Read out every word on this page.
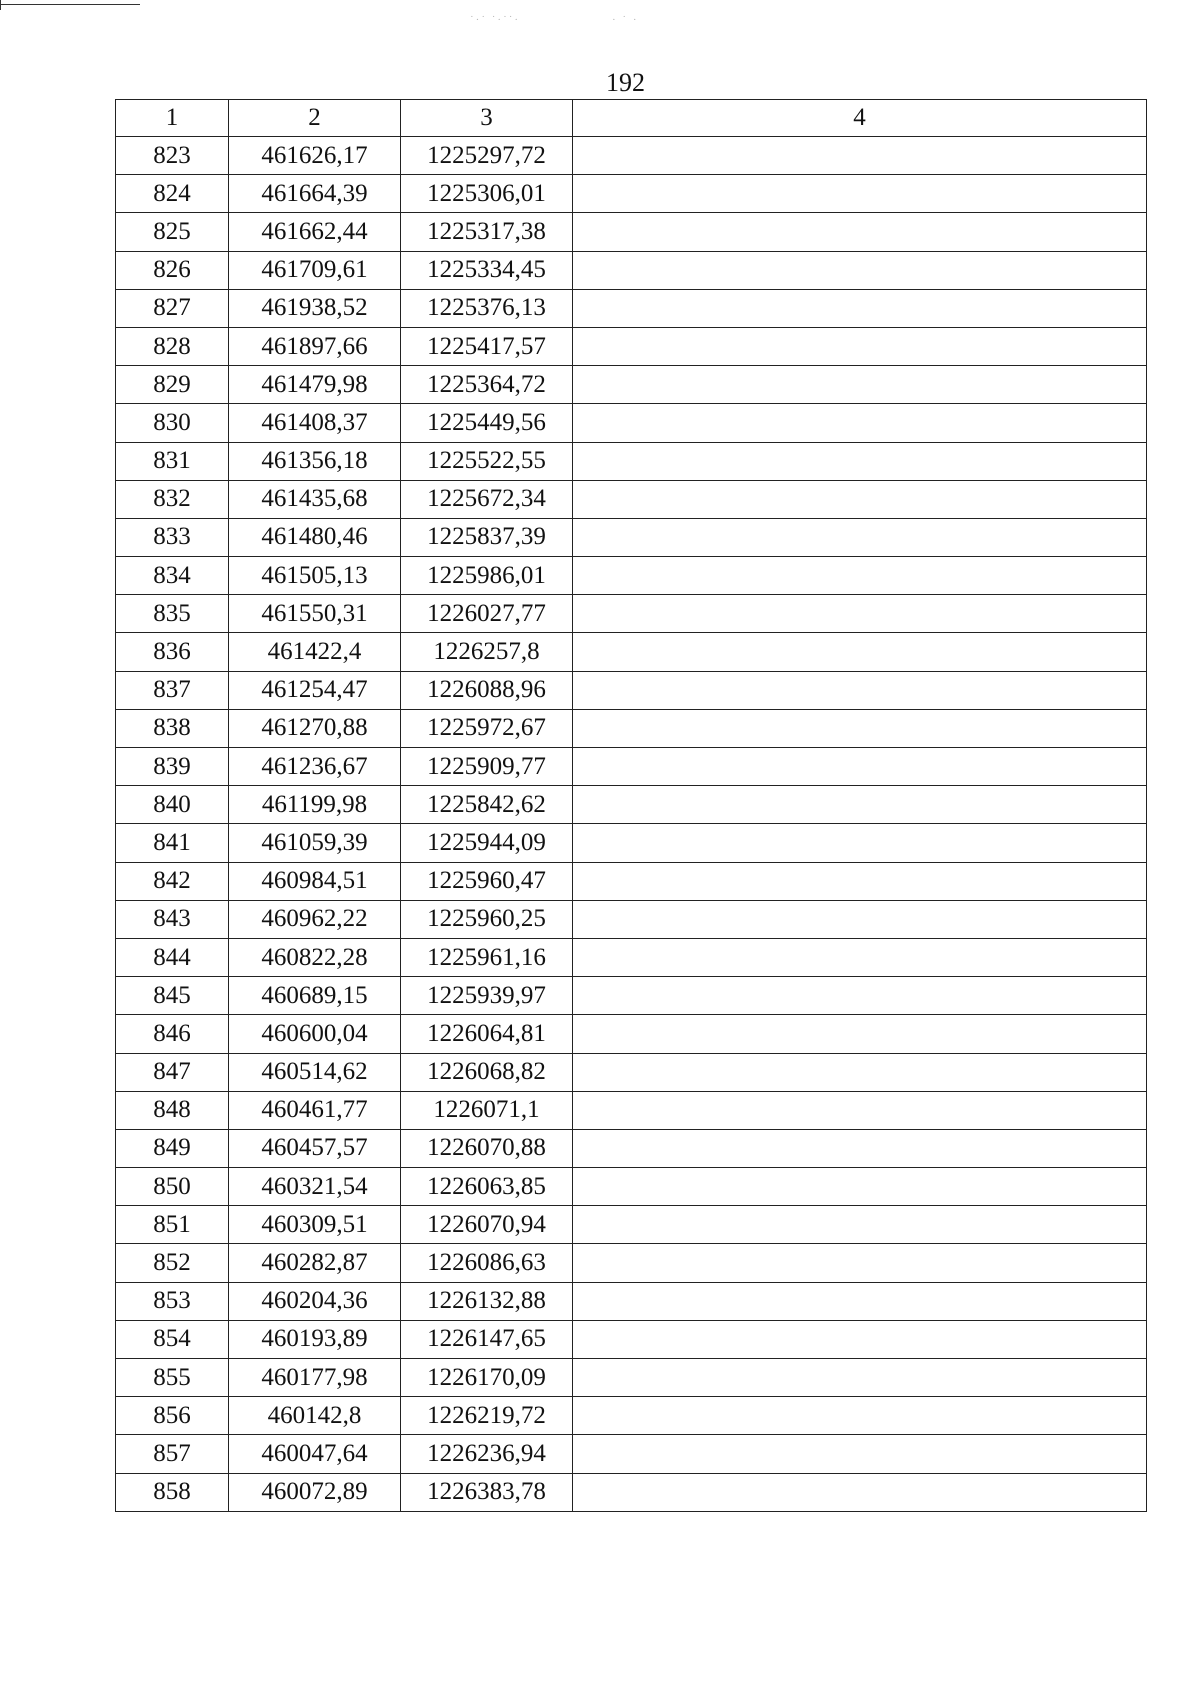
˙·˙ ˙·˙˙·	· ˙ ·
192
1	2	3	4
823	461626,17	1225297,72	
824	461664,39	1225306,01	
825	461662,44	1225317,38	
826	461709,61	1225334,45	
827	461938,52	1225376,13	
828	461897,66	1225417,57	
829	461479,98	1225364,72	
830	461408,37	1225449,56	
831	461356,18	1225522,55	
832	461435,68	1225672,34	
833	461480,46	1225837,39	
834	461505,13	1225986,01	
835	461550,31	1226027,77	
836	461422,4	1226257,8	
837	461254,47	1226088,96	
838	461270,88	1225972,67	
839	461236,67	1225909,77	
840	461199,98	1225842,62	
841	461059,39	1225944,09	
842	460984,51	1225960,47	
843	460962,22	1225960,25	
844	460822,28	1225961,16	
845	460689,15	1225939,97	
846	460600,04	1226064,81	
847	460514,62	1226068,82	
848	460461,77	1226071,1	
849	460457,57	1226070,88	
850	460321,54	1226063,85	
851	460309,51	1226070,94	
852	460282,87	1226086,63	
853	460204,36	1226132,88	
854	460193,89	1226147,65	
855	460177,98	1226170,09	
856	460142,8	1226219,72	
857	460047,64	1226236,94	
858	460072,89	1226383,78	
